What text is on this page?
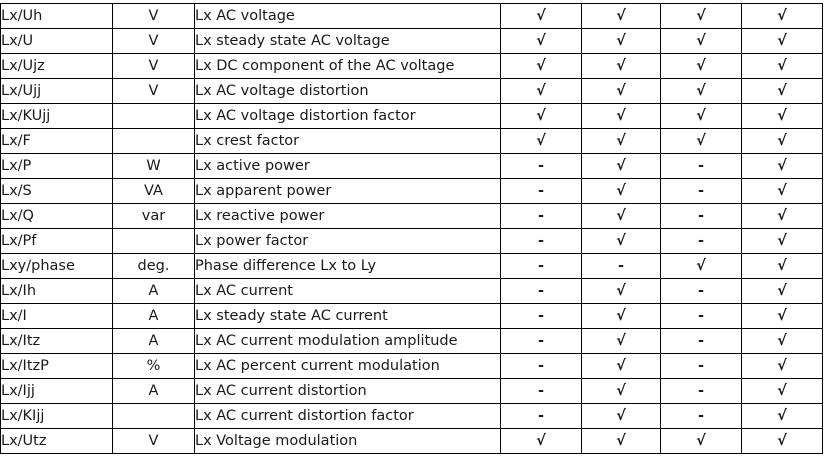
Lx/Uh	V	Lx AC voltage	√	√	√	√
Lx/U	V	Lx steady state AC voltage	√	√	√	√
Lx/Ujz	V	Lx DC component of the AC voltage	√	√	√	√
Lx/Ujj	V	Lx AC voltage distortion	√	√	√	√
Lx/KUjj		Lx AC voltage distortion factor	√	√	√	√
Lx/F		Lx crest factor	√	√	√	√
Lx/P	W	Lx active power	-	√	-	√
Lx/S	VA	Lx apparent power	-	√	-	√
Lx/Q	var	Lx reactive power	-	√	-	√
Lx/Pf		Lx power factor	-	√	-	√
Lxy/phase	deg.	Phase difference Lx to Ly	-	-	√	√
Lx/Ih	A	Lx AC current	-	√	-	√
Lx/I	A	Lx steady state AC current	-	√	-	√
Lx/Itz	A	Lx AC current modulation amplitude	-	√	-	√
Lx/ItzP	%	Lx AC percent current modulation	-	√	-	√
Lx/Ijj	A	Lx AC current distortion	-	√	-	√
Lx/KIjj		Lx AC current distortion factor	-	√	-	√
Lx/Utz	V	Lx Voltage modulation	√	√	√	√
